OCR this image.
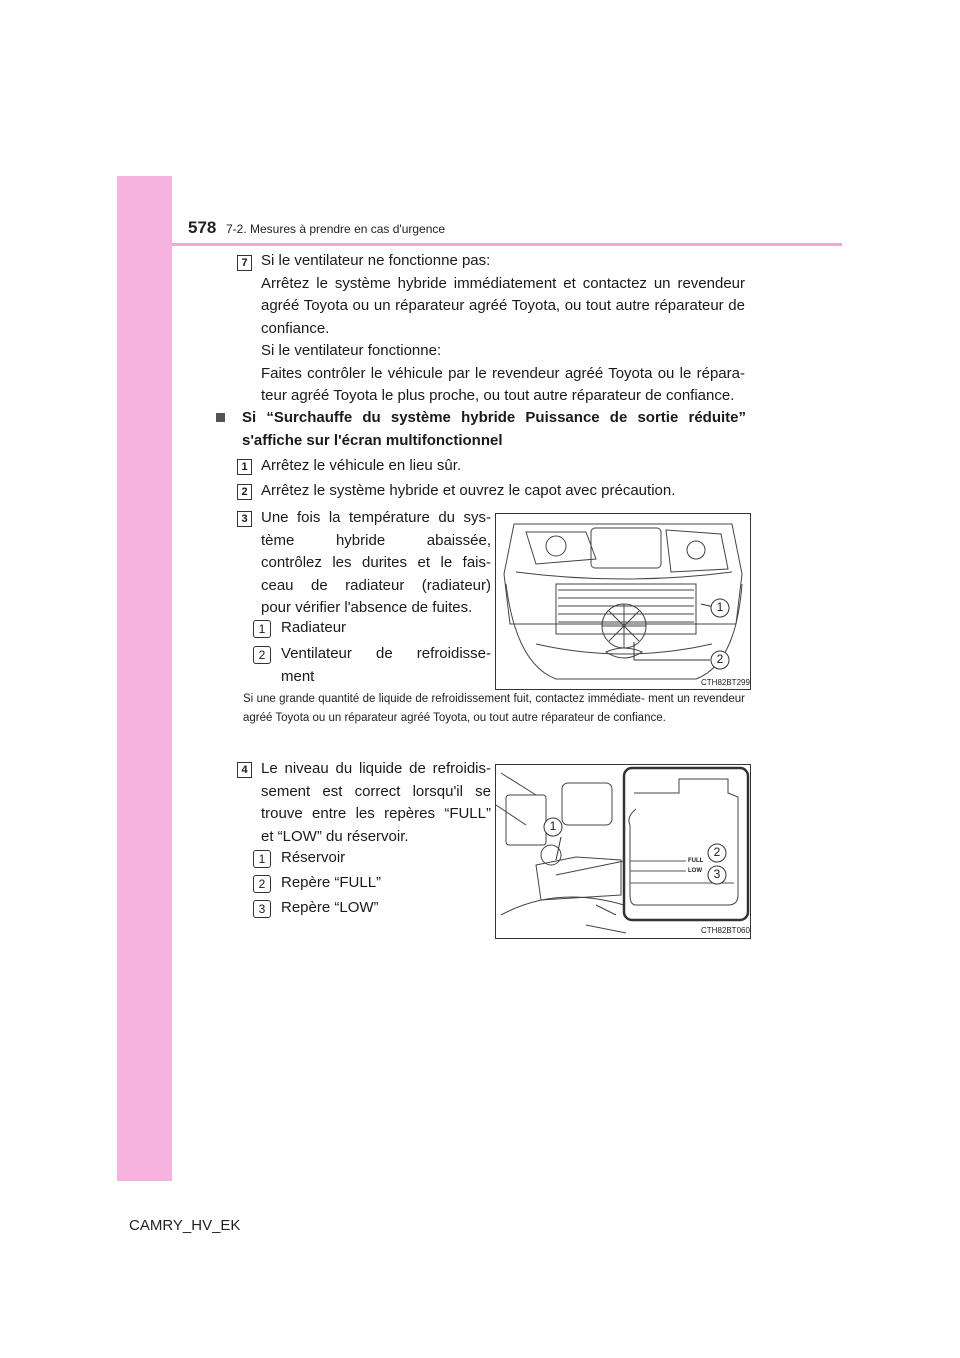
578 7-2. Mesures à prendre en cas d'urgence
7 Si le ventilateur ne fonctionne pas:
Arrêtez le système hybride immédiatement et contactez un revendeur
agréé Toyota ou un réparateur agréé Toyota, ou tout autre réparateur de
confiance.
Si le ventilateur fonctionne:
Faites contrôler le véhicule par le revendeur agréé Toyota ou le répara-
teur agréé Toyota le plus proche, ou tout autre réparateur de confiance.
Si “Surchauffe du système hybride Puissance de sortie réduite”
s'affiche sur l'écran multifonctionnel
1 Arrêtez le véhicule en lieu sûr.
2 Arrêtez le système hybride et ouvrez le capot avec précaution.
3 Une fois la température du sys-
tème hybride abaissée,
contrôlez les durites et le fais-
ceau de radiateur (radiateur)
pour vérifier l'absence de fuites.
1	Radiateur
2	Ventilateur de refroidisse-
ment
1
2
CTH82BT299
Si une grande quantité de liquide de refroidissement fuit, contactez immédiate- ment un revendeur agréé Toyota ou un réparateur agréé Toyota, ou tout autre réparateur de confiance.
4 Le niveau du liquide de refroidis-
sement est correct lorsqu'il se
trouve entre les repères “FULL”
et “LOW” du réservoir.
1	Réservoir
2	Repère “FULL”
3	Repère “LOW”
1
2
3
FULL
LOW
CTH82BT060
CAMRY_HV_EK
